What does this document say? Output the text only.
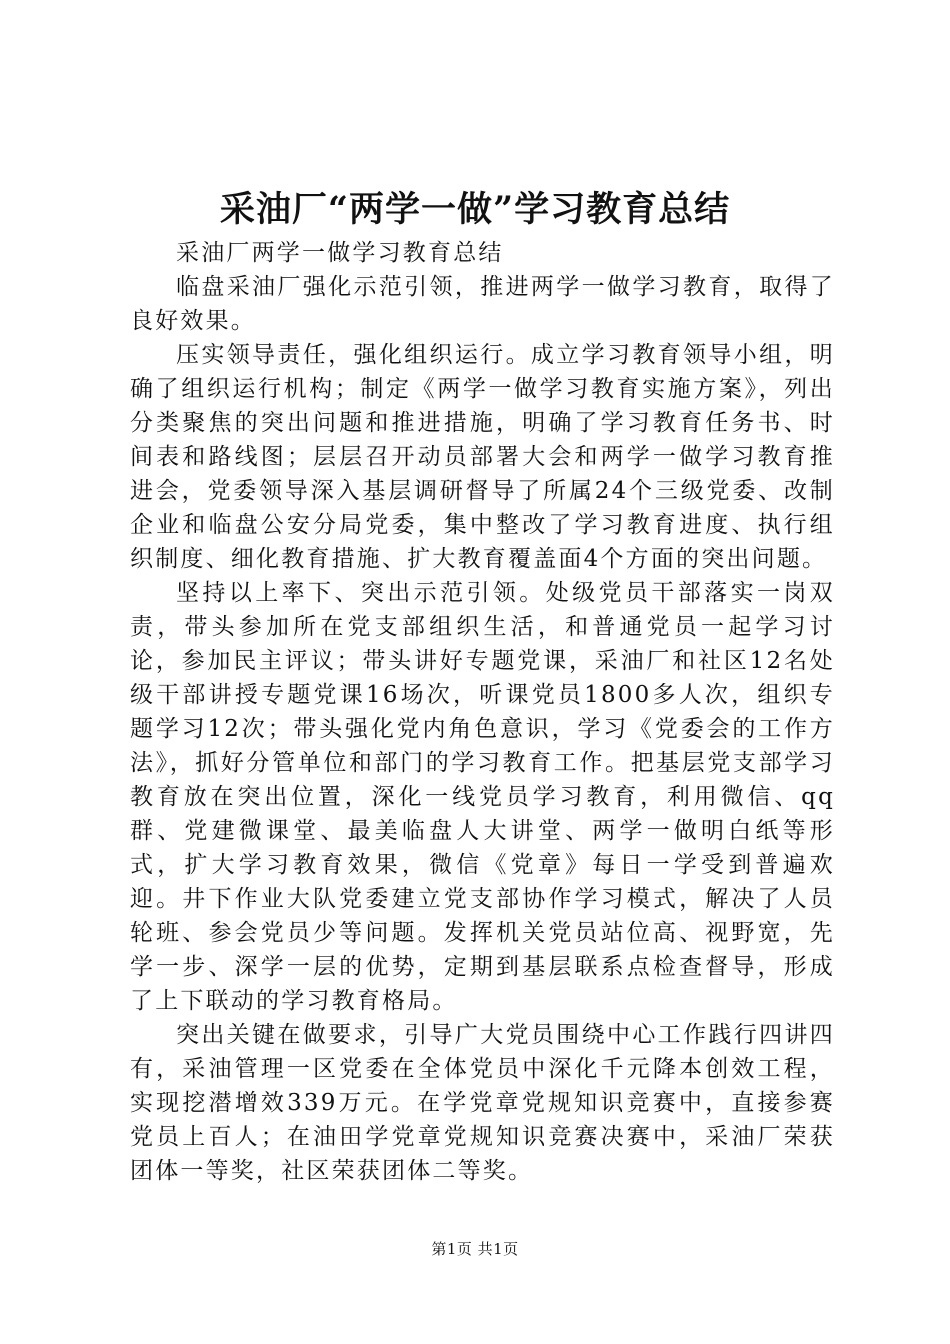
采油厂“两学一做”学习教育总结

采油厂两学一做学习教育总结

临盘采油厂强化示范引领，推进两学一做学习教育，取得了良好效果。

压实领导责任，强化组织运行。成立学习教育领导小组，明确了组织运行机构；制定《两学一做学习教育实施方案》，列出分类聚焦的突出问题和推进措施，明确了学习教育任务书、时间表和路线图；层层召开动员部署大会和两学一做学习教育推进会，党委领导深入基层调研督导了所属24个三级党委、改制企业和临盘公安分局党委，集中整改了学习教育进度、执行组织制度、细化教育措施、扩大教育覆盖面4个方面的突出问题。

坚持以上率下、突出示范引领。处级党员干部落实一岗双责，带头参加所在党支部组织生活，和普通党员一起学习讨论，参加民主评议；带头讲好专题党课，采油厂和社区12名处级干部讲授专题党课16场次，听课党员1800多人次，组织专题学习12次；带头强化党内角色意识，学习《党委会的工作方法》，抓好分管单位和部门的学习教育工作。把基层党支部学习教育放在突出位置，深化一线党员学习教育，利用微信、qq群、党建微课堂、最美临盘人大讲堂、两学一做明白纸等形式，扩大学习教育效果，微信《党章》每日一学受到普遍欢迎。井下作业大队党委建立党支部协作学习模式，解决了人员轮班、参会党员少等问题。发挥机关党员站位高、视野宽，先学一步、深学一层的优势，定期到基层联系点检查督导，形成了上下联动的学习教育格局。

突出关键在做要求，引导广大党员围绕中心工作践行四讲四有，采油管理一区党委在全体党员中深化千元降本创效工程，实现挖潜增效339万元。在学党章党规知识竞赛中，直接参赛党员上百人；在油田学党章党规知识竞赛决赛中，采油厂荣获团体一等奖，社区荣获团体二等奖。

第1页 共1页
